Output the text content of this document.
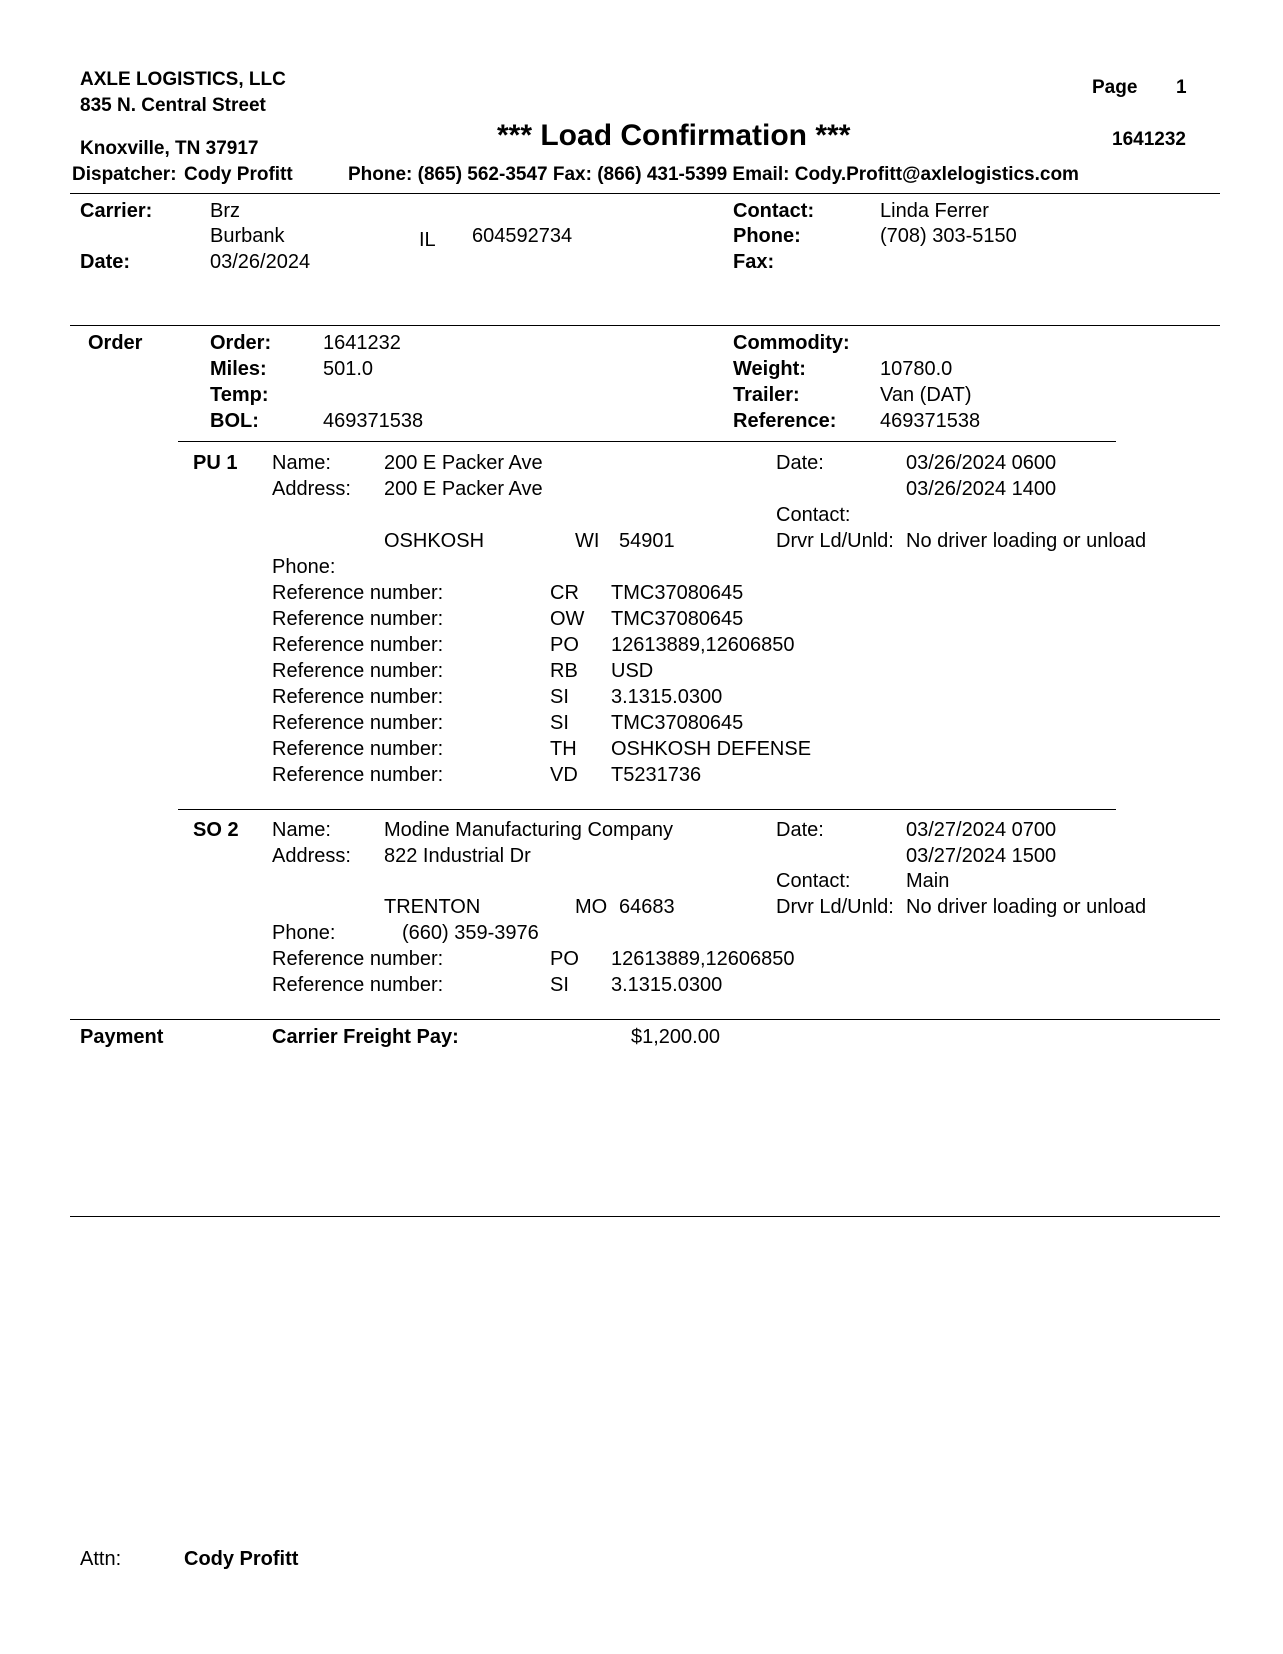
AXLE LOGISTICS, LLC
835 N. Central Street
Knoxville, TN 37917
Page 1
*** Load Confirmation ***	1641232
Dispatcher: Cody Profitt	Phone: (865) 562-3547 Fax: (866) 431-5399 Email: Cody.Profitt@axlelogistics.com
Carrier:	Brz
Burbank	IL 604592734
Date:	03/26/2024
Contact:	Linda Ferrer
Phone:	(708) 303-5150
Fax:
Order	Order:	1641232
Miles:	501.0
Temp:
BOL:	469371538
Commodity:
Weight:	10780.0
Trailer:	Van (DAT)
Reference: 469371538
PU 1 Name:	200 E Packer Ave
Address: 200 E Packer Ave
OSHKOSH	WI 54901
Phone:
Date:	03/26/2024 0600
03/26/2024 1400
Contact:
Drvr Ld/Unld: No driver loading or unload
Reference number:	CR TMC37080645
Reference number:	OW TMC37080645
Reference number:	PO 12613889,12606850
Reference number:	RB USD
Reference number:	SI 3.1315.0300
Reference number:	SI TMC37080645
Reference number:	TH OSHKOSH DEFENSE
Reference number:	VD T5231736
SO 2 Name:	Modine Manufacturing Company
Address: 822 Industrial Dr
TRENTON	MO 64683
Phone:	(660) 359-3976
Date:	03/27/2024 0700
03/27/2024 1500
Contact:	Main
Drvr Ld/Unld: No driver loading or unload
Reference number:	PO 12613889,12606850
Reference number:	SI 3.1315.0300
Payment	Carrier Freight Pay:	$1,200.00
Attn:	Cody Profitt
